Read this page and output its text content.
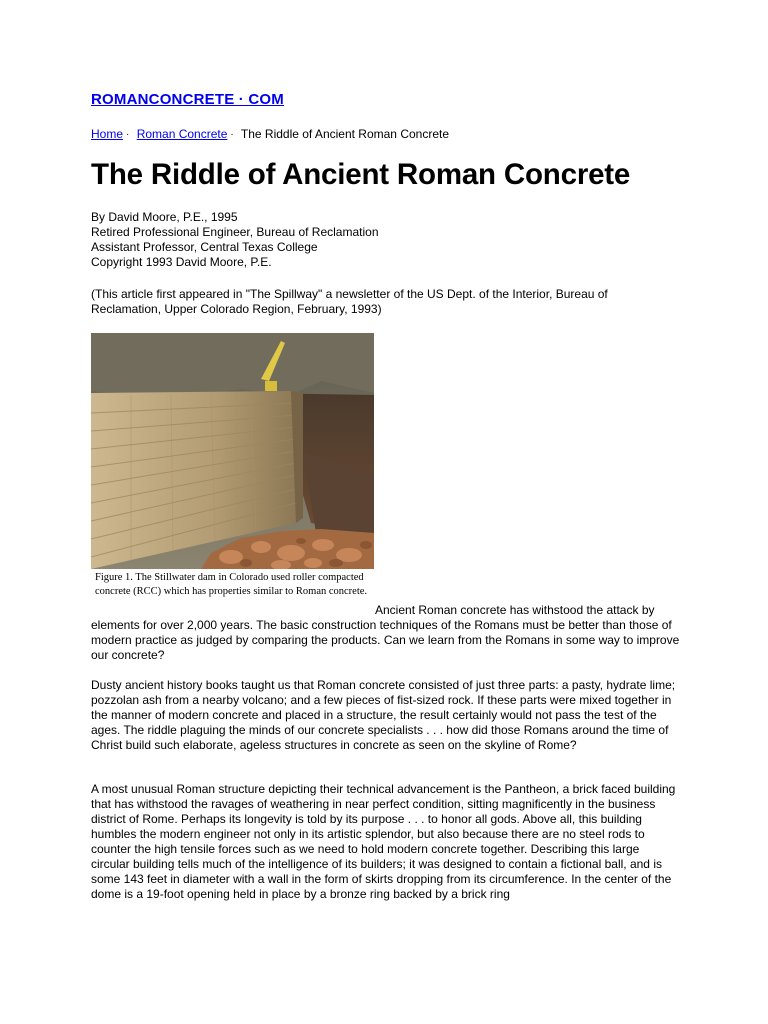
ROMANCONCRETE · COM
Home · Roman Concrete · The Riddle of Ancient Roman Concrete
The Riddle of Ancient Roman Concrete
By David Moore, P.E., 1995
Retired Professional Engineer, Bureau of Reclamation
Assistant Professor, Central Texas College
Copyright 1993 David Moore, P.E.
(This article first appeared in "The Spillway" a newsletter of the US Dept. of the Interior, Bureau of Reclamation, Upper Colorado Region, February, 1993)
Figure 1. The Stillwater dam in Colorado used roller compacted concrete (RCC) which has properties similar to Roman concrete.
Ancient Roman concrete has withstood the attack by
elements for over 2,000 years. The basic construction techniques of the Romans must be better than those of modern practice as judged by comparing the products. Can we learn from the Romans in some way to improve our concrete?
Dusty ancient history books taught us that Roman concrete consisted of just three parts: a pasty, hydrate lime; pozzolan ash from a nearby volcano; and a few pieces of fist-sized rock. If these parts were mixed together in the manner of modern concrete and placed in a structure, the result certainly would not pass the test of the ages. The riddle plaguing the minds of our concrete specialists . . . how did those Romans around the time of Christ build such elaborate, ageless structures in concrete as seen on the skyline of Rome?
A most unusual Roman structure depicting their technical advancement is the Pantheon, a brick faced building that has withstood the ravages of weathering in near perfect condition, sitting magnificently in the business district of Rome. Perhaps its longevity is told by its purpose . . . to honor all gods. Above all, this building humbles the modern engineer not only in its artistic splendor, but also because there are no steel rods to counter the high tensile forces such as we need to hold modern concrete together. Describing this large circular building tells much of the intelligence of its builders; it was designed to contain a fictional ball, and is some 143 feet in diameter with a wall in the form of skirts dropping from its circumference. In the center of the dome is a 19-foot opening held in place by a bronze ring backed by a brick ring
